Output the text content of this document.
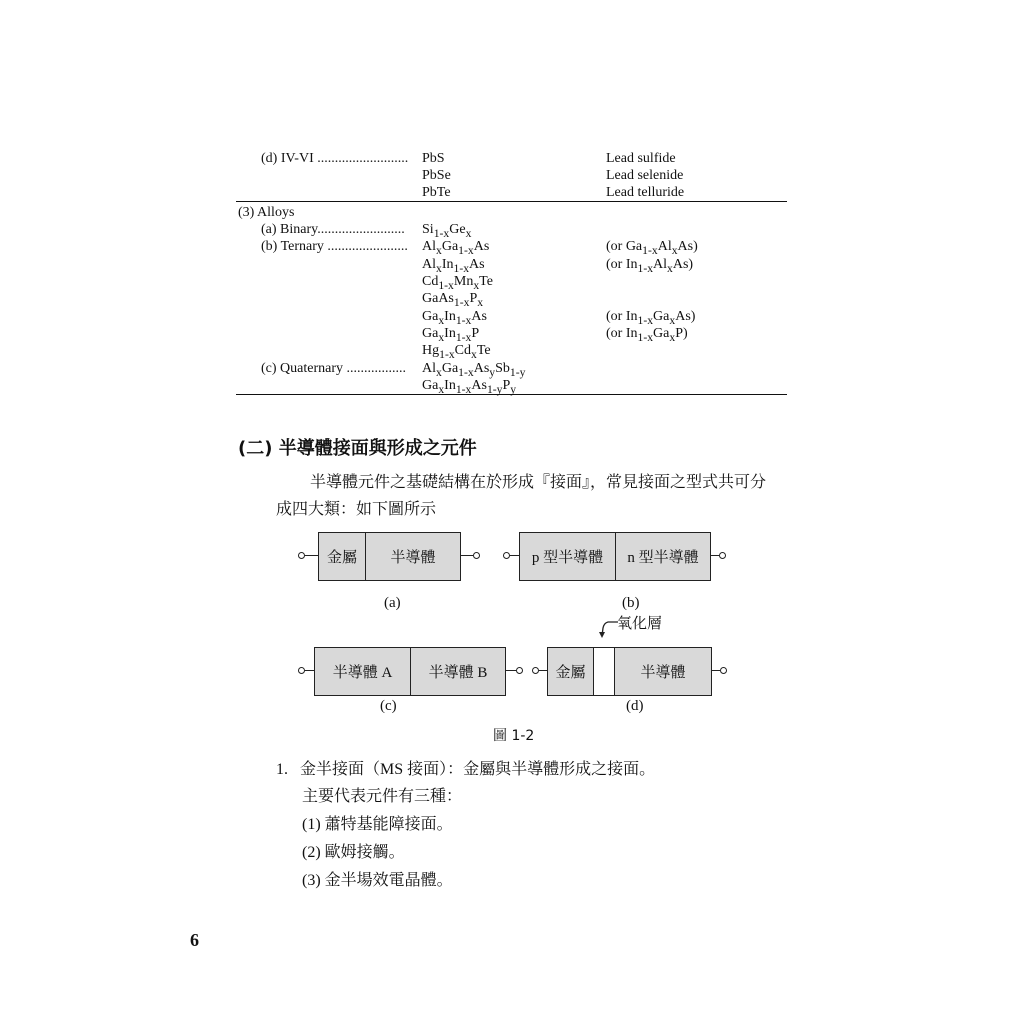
(d) IV-VI .......................... PbS	Lead sulfide
PbSe	Lead selenide
PbTe	Lead telluride
(3) Alloys
(a) Binary......................... $Si_{1-x}Ge_x$
(b) Ternary ....................... $Al_xGa_{1-x}As$	(or $Ga_{1-x}Al_xAs$)
$Al_xIn_{1-x}As$	(or $In_{1-x}Al_xAs$)
$Cd_{1-x}Mn_xTe$
$GaAs_{1-x}P_x$
$Ga_xIn_{1-x}As$	(or $In_{1-x}Ga_xAs$)
$Ga_xIn_{1-x}P$	(or $In_{1-x}Ga_xP$)
$Hg_{1-x}Cd_xTe$
(c) Quaternary ................. $Al_xGa_{1-x}As_ySb_{1-y}$
$Ga_xIn_{1-x}As_{1-y}P_y$
(二) 半導體接面與形成之元件
半導體元件之基礎結構在於形成『接面』，常見接面之型式共可分
成四大類：如下圖所示
金屬	半導體
(a)
p 型半導體	n 型半導體
(b)
半導體 A	半導體 B
(c)
金屬	半導體
(d)
氧化層
圖 1-2
1.   金半接面（MS 接面）：金屬與半導體形成之接面。
主要代表元件有三種：
(1) 蕭特基能障接面。
(2) 歐姆接觸。
(3) 金半場效電晶體。
6
